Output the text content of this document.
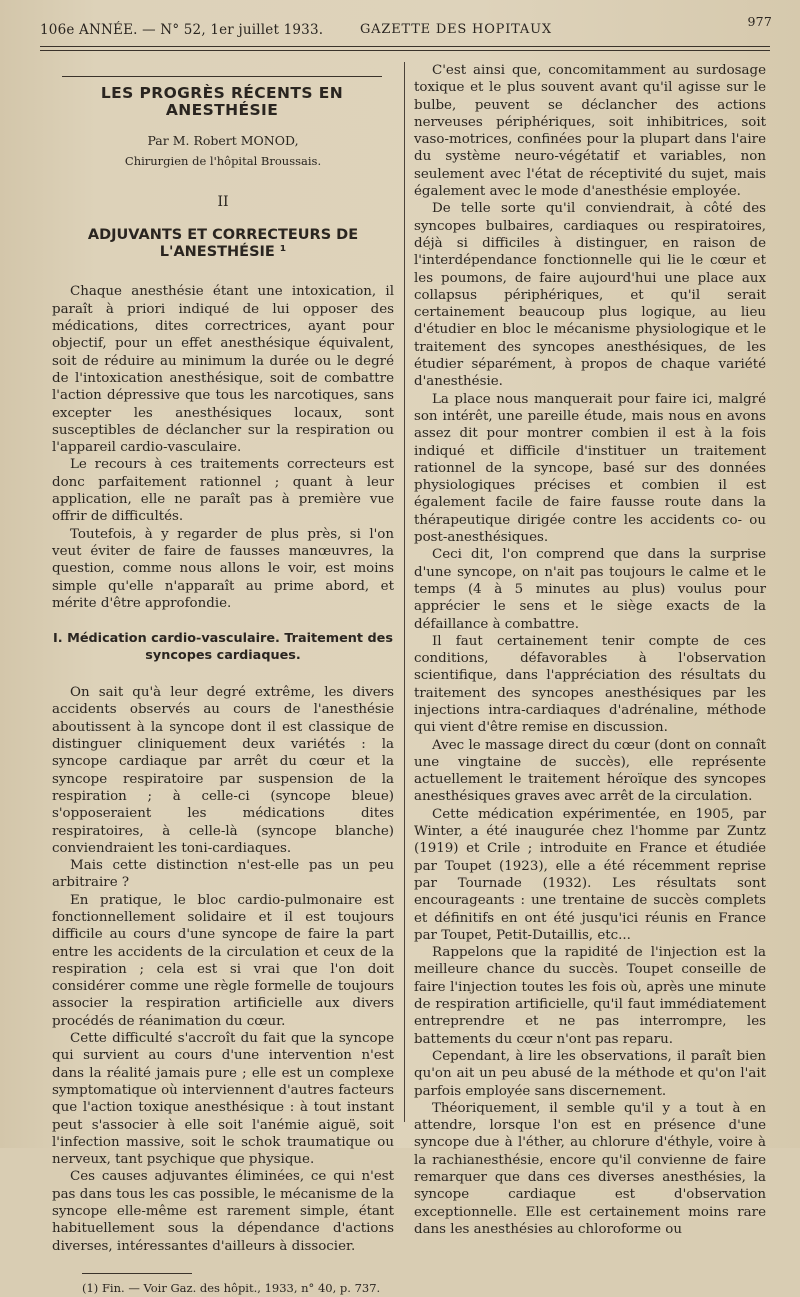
106e ANNÉE. — N° 52, 1er juillet 1933.	GAZETTE DES HOPITAUX
977
LES PROGRÈS RÉCENTS EN ANESTHÉSIE
Par M. Robert MONOD,
Chirurgien de l'hôpital Broussais.
II
ADJUVANTS ET CORRECTEURS DE L'ANESTHÉSIE ¹

Chaque anesthésie étant une intoxication, il paraît à priori indiqué de lui opposer des médications, dites correctrices, ayant pour objectif, pour un effet anesthésique équivalent, soit de réduire au minimum la durée ou le degré de l'intoxication anesthésique, soit de combattre l'action dépressive que tous les narcotiques, sans excepter les anesthésiques locaux, sont susceptibles de déclancher sur la respiration ou l'appareil cardio-vasculaire.

Le recours à ces traitements correcteurs est donc parfaitement rationnel ; quant à leur application, elle ne paraît pas à première vue offrir de difficultés.

Toutefois, à y regarder de plus près, si l'on veut éviter de faire de fausses manœuvres, la question, comme nous allons le voir, est moins simple qu'elle n'apparaît au prime abord, et mérite d'être approfondie.

I. Médication cardio-vasculaire. Traitement des syncopes cardiaques.

On sait qu'à leur degré extrême, les divers accidents observés au cours de l'anesthésie aboutissent à la syncope dont il est classique de distinguer cliniquement deux variétés : la syncope cardiaque par arrêt du cœur et la syncope respiratoire par suspension de la respiration ; à celle-ci (syncope bleue) s'opposeraient les médications dites respiratoires, à celle-là (syncope blanche) conviendraient les toni-cardiaques.

Mais cette distinction n'est-elle pas un peu arbitraire ?

En pratique, le bloc cardio-pulmonaire est fonctionnellement solidaire et il est toujours difficile au cours d'une syncope de faire la part entre les accidents de la circulation et ceux de la respiration ; cela est si vrai que l'on doit considérer comme une règle formelle de toujours associer la respiration artificielle aux divers procédés de réanimation du cœur.

Cette difficulté s'accroît du fait que la syncope qui survient au cours d'une intervention n'est dans la réalité jamais pure ; elle est un complexe symptomatique où interviennent d'autres facteurs que l'action toxique anesthésique : à tout instant peut s'associer à elle soit l'anémie aiguë, soit l'infection massive, soit le schok traumatique ou nerveux, tant psychique que physique.

Ces causes adjuvantes éliminées, ce qui n'est pas dans tous les cas possible, le mécanisme de la syncope elle-même est rarement simple, étant habituellement sous la dépendance d'actions diverses, intéressantes d'ailleurs à dissocier.

(1) Fin. — Voir Gaz. des hôpit., 1933, n° 40, p. 737.

C'est ainsi que, concomitamment au surdosage toxique et le plus souvent avant qu'il agisse sur le bulbe, peuvent se déclancher des actions nerveuses périphériques, soit inhibitrices, soit vaso-motrices, confinées pour la plupart dans l'aire du système neuro-végétatif et variables, non seulement avec l'état de réceptivité du sujet, mais également avec le mode d'anesthésie employée.

De telle sorte qu'il conviendrait, à côté des syncopes bulbaires, cardiaques ou respiratoires, déjà si difficiles à distinguer, en raison de l'interdépendance fonctionnelle qui lie le cœur et les poumons, de faire aujourd'hui une place aux collapsus périphériques, et qu'il serait certainement beaucoup plus logique, au lieu d'étudier en bloc le mécanisme physiologique et le traitement des syncopes anesthésiques, de les étudier séparément, à propos de chaque variété d'anesthésie.

La place nous manquerait pour faire ici, malgré son intérêt, une pareille étude, mais nous en avons assez dit pour montrer combien il est à la fois indiqué et difficile d'instituer un traitement rationnel de la syncope, basé sur des données physiologiques précises et combien il est également facile de faire fausse route dans la thérapeutique dirigée contre les accidents co- ou post-anesthésiques.

Ceci dit, l'on comprend que dans la surprise d'une syncope, on n'ait pas toujours le calme et le temps (4 à 5 minutes au plus) voulus pour apprécier le sens et le siège exacts de la défaillance à combattre.

Il faut certainement tenir compte de ces conditions, défavorables à l'observation scientifique, dans l'appréciation des résultats du traitement des syncopes anesthésiques par les injections intra-cardiaques d'adrénaline, méthode qui vient d'être remise en discussion.

Avec le massage direct du cœur (dont on connaît une vingtaine de succès), elle représente actuellement le traitement héroïque des syncopes anesthésiques graves avec arrêt de la circulation.

Cette médication expérimentée, en 1905, par Winter, a été inaugurée chez l'homme par Zuntz (1919) et Crile ; introduite en France et étudiée par Toupet (1923), elle a été récemment reprise par Tournade (1932). Les résultats sont encourageants : une trentaine de succès complets et définitifs en ont été jusqu'ici réunis en France par Toupet, Petit-Dutaillis, etc...

Rappelons que la rapidité de l'injection est la meilleure chance du succès. Toupet conseille de faire l'injection toutes les fois où, après une minute de respiration artificielle, qu'il faut immédiatement entreprendre et ne pas interrompre, les battements du cœur n'ont pas reparu.

Cependant, à lire les observations, il paraît bien qu'on ait un peu abusé de la méthode et qu'on l'ait parfois employée sans discernement.

Théoriquement, il semble qu'il y a tout à en attendre, lorsque l'on est en présence d'une syncope due à l'éther, au chlorure d'éthyle, voire à la rachianesthésie, encore qu'il convienne de faire remarquer que dans ces diverses anesthésies, la syncope cardiaque est d'observation exceptionnelle. Elle est certainement moins rare dans les anesthésies au chloroforme ou
